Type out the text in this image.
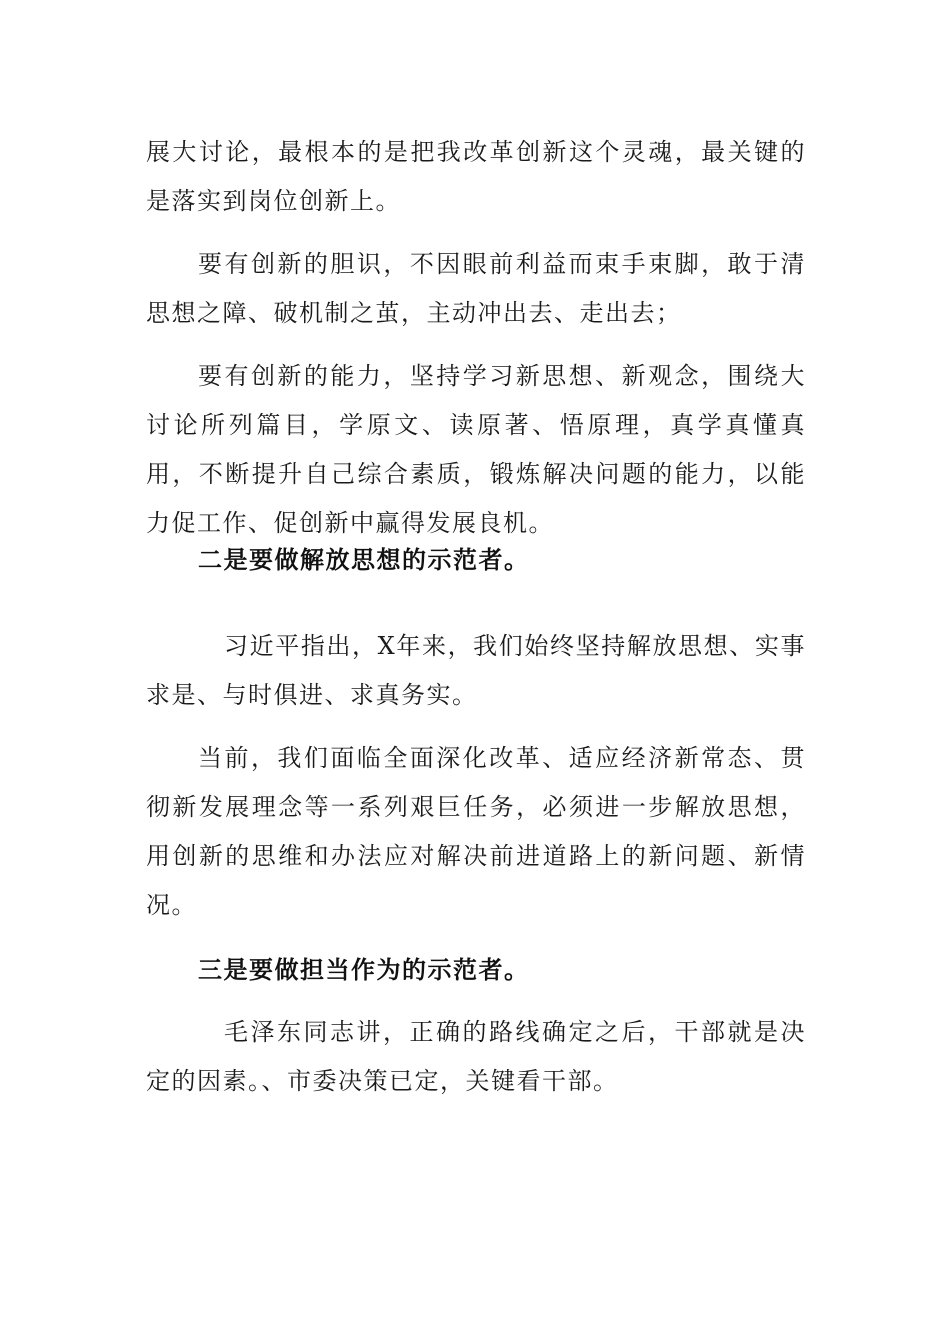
展大讨论，最根本的是把我改革创新这个灵魂，最关键的是落实到岗位创新上。

要有创新的胆识，不因眼前利益而束手束脚，敢于清思想之障、破机制之茧，主动冲出去、走出去；

要有创新的能力，坚持学习新思想、新观念，围绕大讨论所列篇目，学原文、读原著、悟原理，真学真懂真用，不断提升自己综合素质，锻炼解决问题的能力，以能力促工作、促创新中赢得发展良机。

二是要做解放思想的示范者。

习近平指出，X年来，我们始终坚持解放思想、实事求是、与时俱进、求真务实。

当前，我们面临全面深化改革、适应经济新常态、贯彻新发展理念等一系列艰巨任务，必须进一步解放思想，用创新的思维和办法应对解决前进道路上的新问题、新情况。

三是要做担当作为的示范者。

毛泽东同志讲，正确的路线确定之后，干部就是决定的因素。、市委决策已定，关键看干部。
